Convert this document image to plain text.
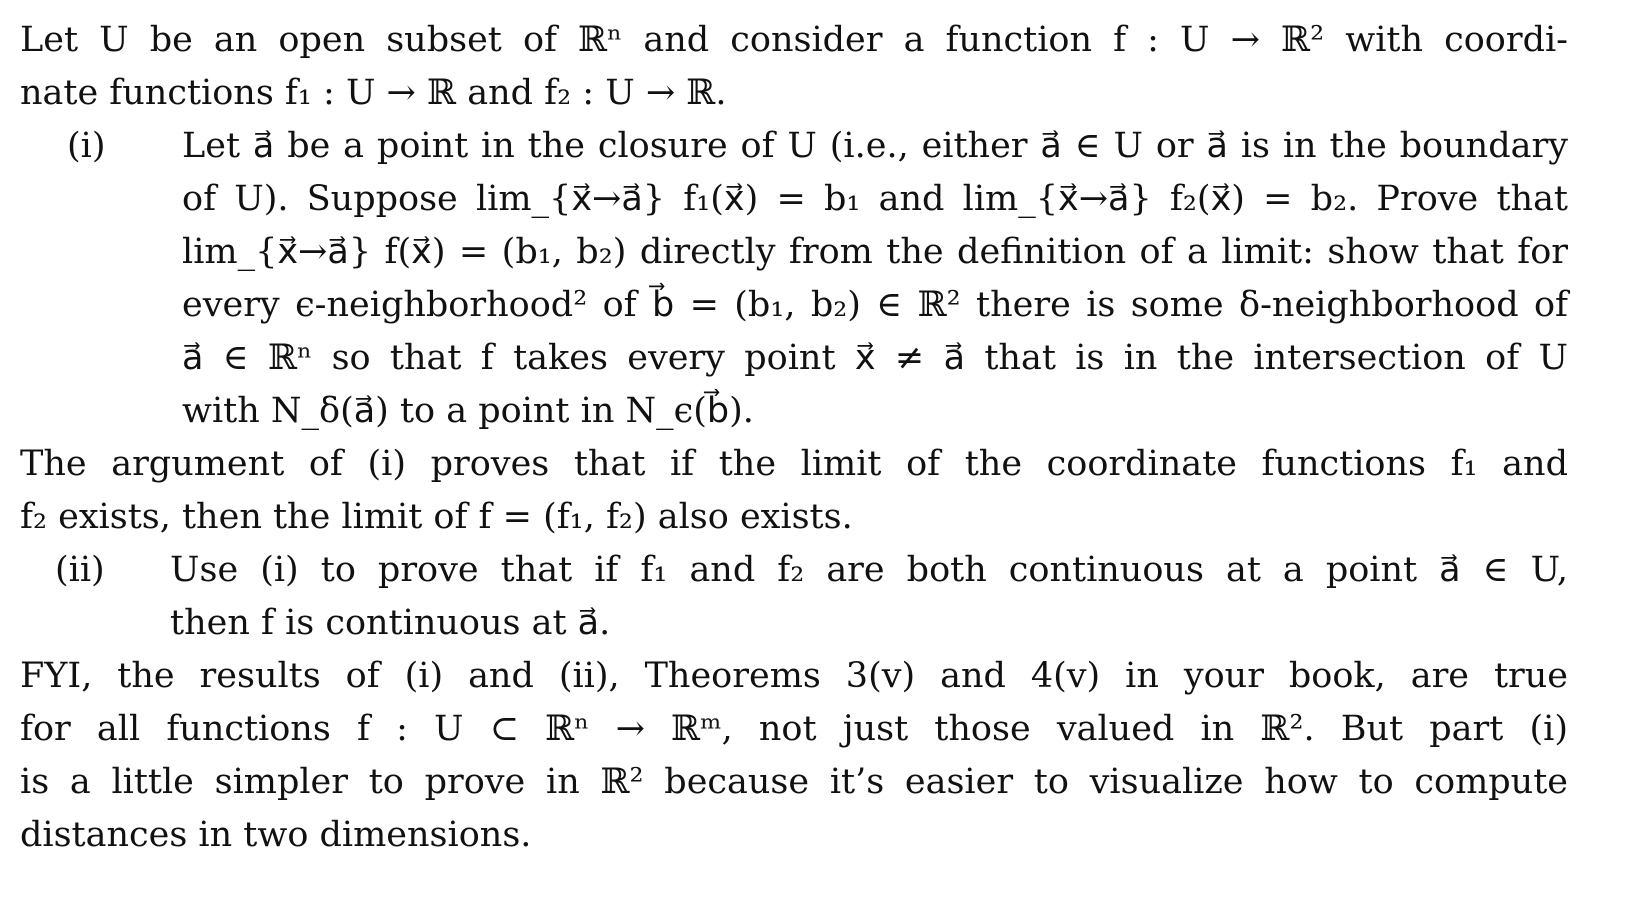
Let U be an open subset of ℝⁿ and consider a function f : U → ℝ² with coordi-
nate functions f₁ : U → ℝ and f₂ : U → ℝ.
(i)	Let a⃗ be a point in the closure of U (i.e., either a⃗ ∈ U or a⃗ is in the boundary
of U). Suppose lim_{x⃗→a⃗} f₁(x⃗) = b₁ and lim_{x⃗→a⃗} f₂(x⃗) = b₂. Prove that
lim_{x⃗→a⃗} f(x⃗) = (b₁, b₂) directly from the definition of a limit: show that for
every ϵ-neighborhood² of b⃗ = (b₁, b₂) ∈ ℝ² there is some δ-neighborhood of
a⃗ ∈ ℝⁿ so that f takes every point x⃗ ≠ a⃗ that is in the intersection of U
with N_δ(a⃗) to a point in N_ϵ(b⃗).
The argument of (i) proves that if the limit of the coordinate functions f₁ and
f₂ exists, then the limit of f = (f₁, f₂) also exists.
(ii)	Use (i) to prove that if f₁ and f₂ are both continuous at a point a⃗ ∈ U,
then f is continuous at a⃗.
FYI, the results of (i) and (ii), Theorems 3(v) and 4(v) in your book, are true
for all functions f : U ⊂ ℝⁿ → ℝᵐ, not just those valued in ℝ². But part (i)
is a little simpler to prove in ℝ² because it’s easier to visualize how to compute
distances in two dimensions.
